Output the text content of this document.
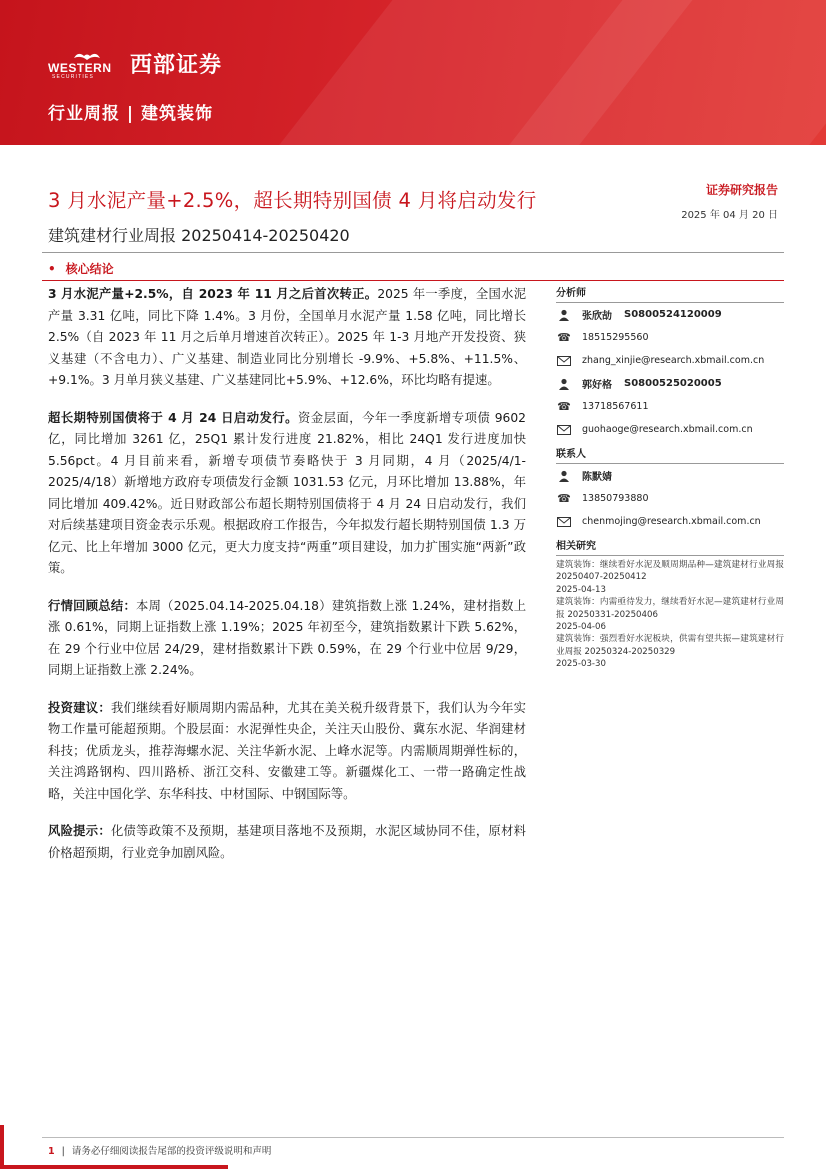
WESTERN
SECURITIES 西部证券
行业周报 | 建筑装饰
3 月水泥产量+2.5%，超长期特别国债 4 月将启动发行	证券研究报告
2025 年 04 月 20 日
建筑建材行业周报 20250414-20250420
• 核心结论

3 月水泥产量+2.5%，自 2023 年 11 月之后首次转正。2025 年一季度，全国水泥产量 3.31 亿吨，同比下降 1.4%。3 月份，全国单月水泥产量 1.58 亿吨，同比增长 2.5%（自 2023 年 11 月之后单月增速首次转正）。2025 年 1-3 月地产开发投资、狭义基建（不含电力）、广义基建、制造业同比分别增长 -9.9%、+5.8%、+11.5%、+9.1%。3 月单月狭义基建、广义基建同比+5.9%、+12.6%，环比均略有提速。

超长期特别国债将于 4 月 24 日启动发行。资金层面，今年一季度新增专项债 9602 亿，同比增加 3261 亿，25Q1 累计发行进度 21.82%，相比 24Q1 发行进度加快 5.56pct。4 月目前来看，新增专项债节奏略快于 3 月同期，4 月（2025/4/1-2025/4/18）新增地方政府专项债发行金额 1031.53 亿元，月环比增加 13.88%，年同比增加 409.42%。近日财政部公布超长期特别国债将于 4 月 24 日启动发行，我们对后续基建项目资金表示乐观。根据政府工作报告，今年拟发行超长期特别国债 1.3 万亿元、比上年增加 3000 亿元，更大力度支持“两重”项目建设，加力扩围实施“两新”政策。

行情回顾总结：本周（2025.04.14-2025.04.18）建筑指数上涨 1.24%，建材指数上涨 0.61%，同期上证指数上涨 1.19%；2025 年初至今，建筑指数累计下跌 5.62%，在 29 个行业中位居 24/29，建材指数累计下跌 0.59%，在 29 个行业中位居 9/29，同期上证指数上涨 2.24%。

投资建议：我们继续看好顺周期内需品种，尤其在美关税升级背景下，我们认为今年实物工作量可能超预期。个股层面：水泥弹性央企，关注天山股份、冀东水泥、华润建材科技；优质龙头，推荐海螺水泥、关注华新水泥、上峰水泥等。内需顺周期弹性标的，关注鸿路钢构、四川路桥、浙江交科、安徽建工等。新疆煤化工、一带一路确定性战略，关注中国化学、东华科技、中材国际、中钢国际等。

风险提示：化债等政策不及预期，基建项目落地不及预期，水泥区域协同不佳，原材料价格超预期，行业竞争加剧风险。

分析师
张欣劼 S0800524120009
☎ 18515295560
zhang_xinjie@research.xbmail.com.cn
郭好格 S0800525020005
☎ 13718567611
guohaoge@research.xbmail.com.cn
联系人
陈默婧
☎ 13850793880
chenmojing@research.xbmail.com.cn
相关研究
建筑装饰：继续看好水泥及顺周期品种—建筑建材行业周报 20250407-20250412
2025-04-13
建筑装饰：内需亟待发力，继续看好水泥—建筑建材行业周报 20250331-20250406
2025-04-06
建筑装饰：强烈看好水泥板块，供需有望共振—建筑建材行业周报 20250324-20250329
2025-03-30
1 | 请务必仔细阅读报告尾部的投资评级说明和声明
